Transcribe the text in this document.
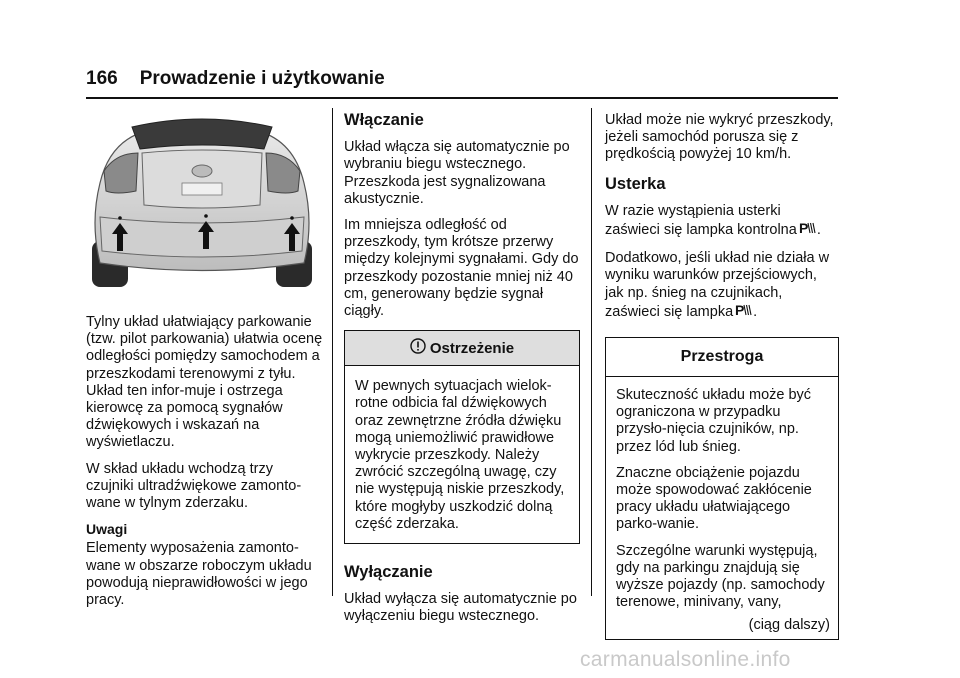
166 Prowadzenie i użytkowanie

Tylny układ ułatwiający parkowanie (tzw. pilot parkowania) ułatwia ocenę odległości pomiędzy samochodem a przeszkodami terenowymi z tyłu. Układ ten infor-muje i ostrzega kierowcę za pomocą sygnałów dźwiękowych i wskazań na wyświetlaczu.

W skład układu wchodzą trzy czujniki ultradźwiękowe zamonto-wane w tylnym zderzaku.

Uwagi

Elementy wyposażenia zamonto-wane w obszarze roboczym układu powodują nieprawidłowości w jego pracy.

Włączanie

Układ włącza się automatycznie po wybraniu biegu wstecznego. Przeszkoda jest sygnalizowana akustycznie.

Im mniejsza odległość od przeszkody, tym krótsze przerwy między kolejnymi sygnałami. Gdy do przeszkody pozostanie mniej niż 40 cm, generowany będzie sygnał ciągły.

Ostrzeżenie

W pewnych sytuacjach wielok-rotne odbicia fal dźwiękowych oraz zewnętrzne źródła dźwięku mogą uniemożliwić prawidłowe wykrycie przeszkody. Należy zwrócić szczególną uwagę, czy nie występują niskie przeszkody, które mogłyby uszkodzić dolną część zderzaka.

Wyłączanie

Układ wyłącza się automatycznie po wyłączeniu biegu wstecznego.

Układ może nie wykryć przeszkody, jeżeli samochód porusza się z prędkością powyżej 10 km/h.

Usterka

W razie wystąpienia usterki zaświeci się lampka kontrolna P .

Dodatkowo, jeśli układ nie działa w wyniku warunków przejściowych, jak np. śnieg na czujnikach, zaświeci się lampka P .

Przestroga

Skuteczność układu może być ograniczona w przypadku przysło-nięcia czujników, np. przez lód lub śnieg.

Znaczne obciążenie pojazdu może spowodować zakłócenie pracy układu ułatwiającego parko-wanie.

Szczególne warunki występują, gdy na parkingu znajdują się wyższe pojazdy (np. samochody terenowe, minivany, vany,

(ciąg dalszy)
carmanualsonline.info
